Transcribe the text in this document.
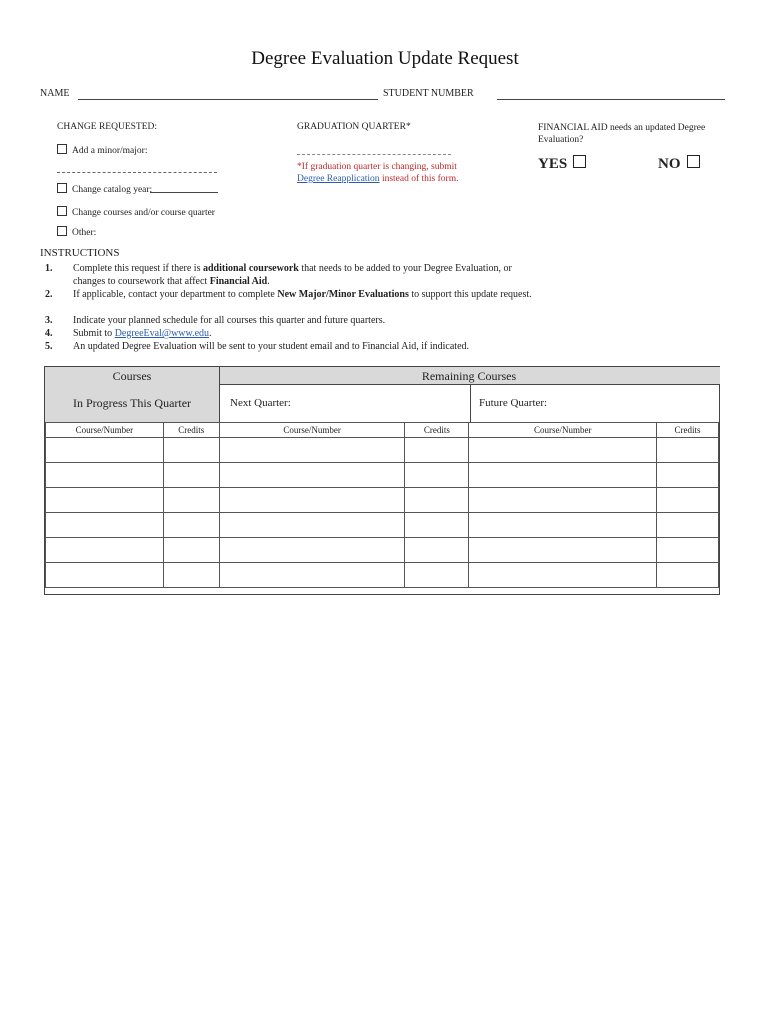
Degree Evaluation Update Request
NAME	STUDENT NUMBER
CHANGE REQUESTED:
Add a minor/major:
Change catalog year:
Change courses and/or course quarter
Other:
GRADUATION QUARTER*
*If graduation quarter is changing, submit Degree Reapplication instead of this form.
FINANCIAL AID needs an updated Degree Evaluation?
YES	NO
INSTRUCTIONS
1. Complete this request if there is additional coursework that needs to be added to your Degree Evaluation, or changes to coursework that affect Financial Aid.
2. If applicable, contact your department to complete New Major/Minor Evaluations to support this update request.
3. Indicate your planned schedule for all courses this quarter and future quarters.
4. Submit to DegreeEval@www.edu.
5. An updated Degree Evaluation will be sent to your student email and to Financial Aid, if indicated.
Courses
In Progress This Quarter
Remaining Courses
Next Quarter:	Future Quarter:
Course/Number	Credits	Course/Number	Credits	Course/Number	Credits
